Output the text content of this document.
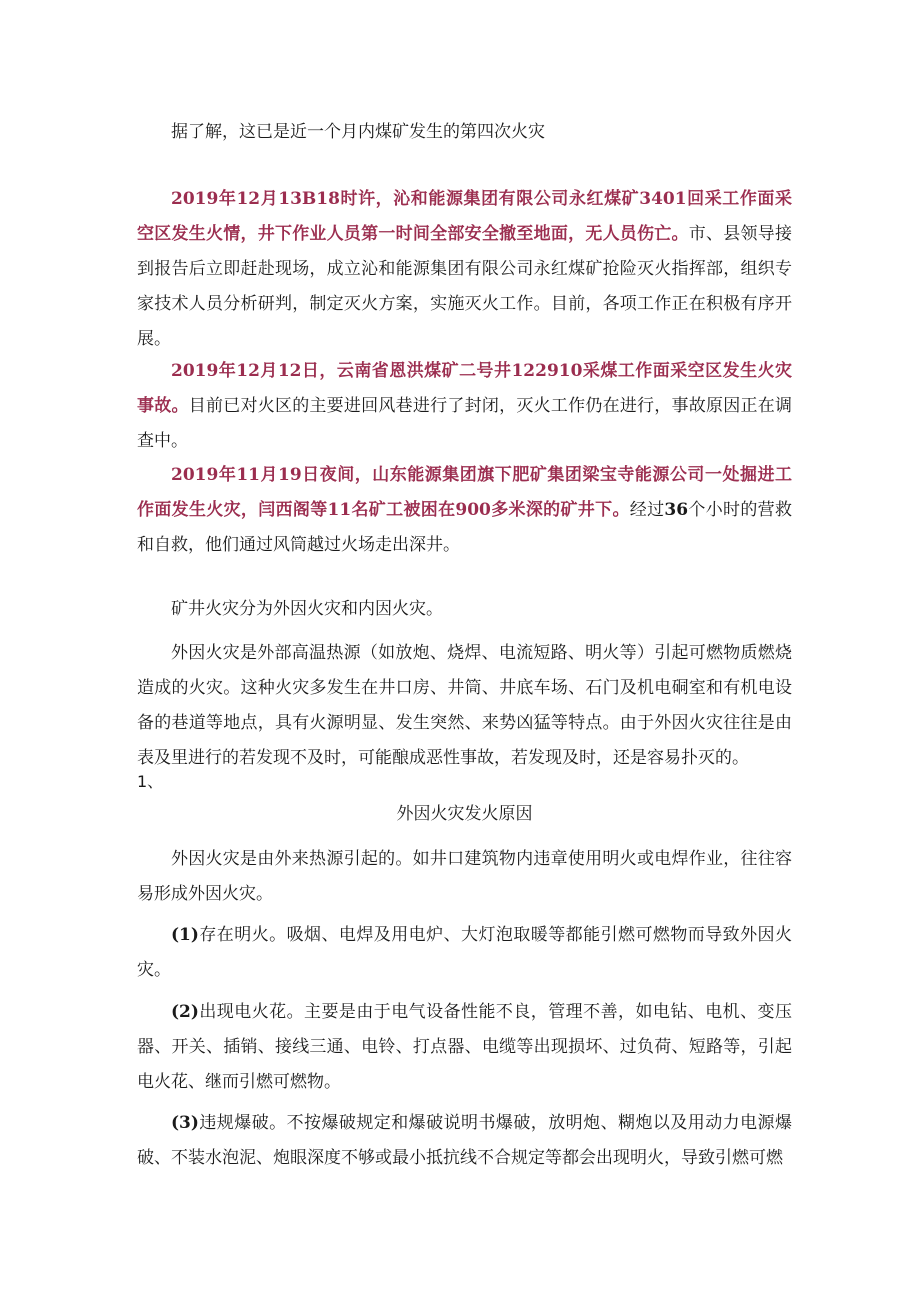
据了解，这已是近一个月内煤矿发生的第四次火灾

2019年12月13B18时许，沁和能源集团有限公司永红煤矿3401回采工作面采空区发生火情，井下作业人员第一时间全部安全撤至地面，无人员伤亡。市、县领导接到报告后立即赶赴现场，成立沁和能源集团有限公司永红煤矿抢险灭火指挥部，组织专家技术人员分析研判，制定灭火方案，实施灭火工作。目前，各项工作正在积极有序开展。

2019年12月12日，云南省恩洪煤矿二号井122910采煤工作面采空区发生火灾事故。目前已对火区的主要进回风巷进行了封闭，灭火工作仍在进行，事故原因正在调查中。

2019年11月19日夜间，山东能源集团旗下肥矿集团梁宝寺能源公司一处掘进工作面发生火灾，闫西阁等11名矿工被困在900多米深的矿井下。经过36个小时的营救和自救，他们通过风筒越过火场走出深井。

矿井火灾分为外因火灾和内因火灾。

外因火灾是外部高温热源（如放炮、烧焊、电流短路、明火等）引起可燃物质燃烧造成的火灾。这种火灾多发生在井口房、井筒、井底车场、石门及机电硐室和有机电设备的巷道等地点，具有火源明显、发生突然、来势凶猛等特点。由于外因火灾往往是由表及里进行的若发现不及时，可能酿成恶性事故，若发现及时，还是容易扑灭的。

1、

外因火灾发火原因

外因火灾是由外来热源引起的。如井口建筑物内违章使用明火或电焊作业，往往容易形成外因火灾。

(1)存在明火。吸烟、电焊及用电炉、大灯泡取暖等都能引燃可燃物而导致外因火灾。

(2)出现电火花。主要是由于电气设备性能不良，管理不善，如电钻、电机、变压器、开关、插销、接线三通、电铃、打点器、电缆等出现损坏、过负荷、短路等，引起电火花、继而引燃可燃物。

(3)违规爆破。不按爆破规定和爆破说明书爆破，放明炮、糊炮以及用动力电源爆破、不装水泡泥、炮眼深度不够或最小抵抗线不合规定等都会出现明火，导致引燃可燃
